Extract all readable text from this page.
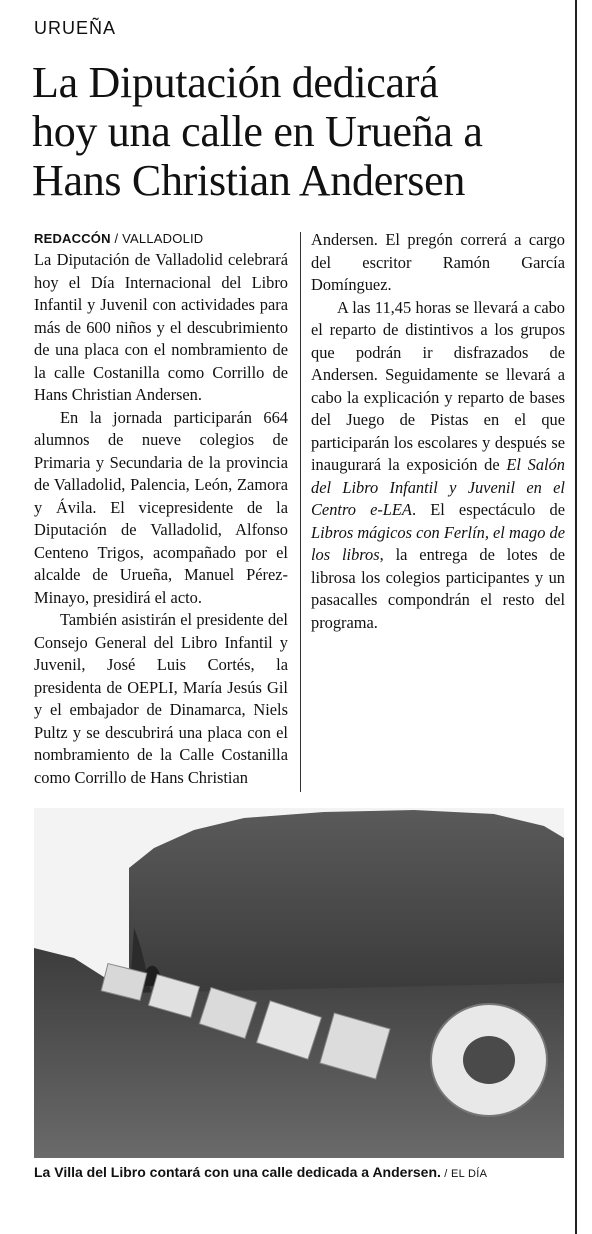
URUEÑA
La Diputación dedicará
hoy una calle en Urueña a
Hans Christian Andersen
REDACCÓN / VALLADOLID

La Diputación de Valladolid celebrará hoy el Día Internacional del Libro Infantil y Juvenil con actividades para más de 600 niños y el descubrimiento de una placa con el nombramiento de la calle Costanilla como Corrillo de Hans Christian Andersen.

En la jornada participarán 664 alumnos de nueve colegios de Primaria y Secundaria de la provincia de Valladolid, Palencia, León, Zamora y Ávila. El vicepresidente de la Diputación de Valladolid, Alfonso Centeno Trigos, acompañado por el alcalde de Urueña, Manuel Pérez-Minayo, presidirá el acto.

También asistirán el presidente del Consejo General del Libro Infantil y Juvenil, José Luis Cortés, la presidenta de OEPLI, María Jesús Gil y el embajador de Dinamarca, Niels Pultz y se descubrirá una placa con el nombramiento de la Calle Costanilla como Corrillo de Hans Christian

Andersen. El pregón correrá a cargo del escritor Ramón García Domínguez.

A las 11,45 horas se llevará a cabo el reparto de distintivos a los grupos que podrán ir disfrazados de Andersen. Seguidamente se llevará a cabo la explicación y reparto de bases del Juego de Pistas en el que participarán los escolares y después se inaugurará la exposición de El Salón del Libro Infantil y Juvenil en el Centro e-LEA. El espectáculo de Libros mágicos con Ferlín, el mago de los libros, la entrega de lotes de librosa los colegios participantes y un pasacalles compondrán el resto del programa.

La Villa del Libro contará con una calle dedicada a Andersen. / EL DÍA
